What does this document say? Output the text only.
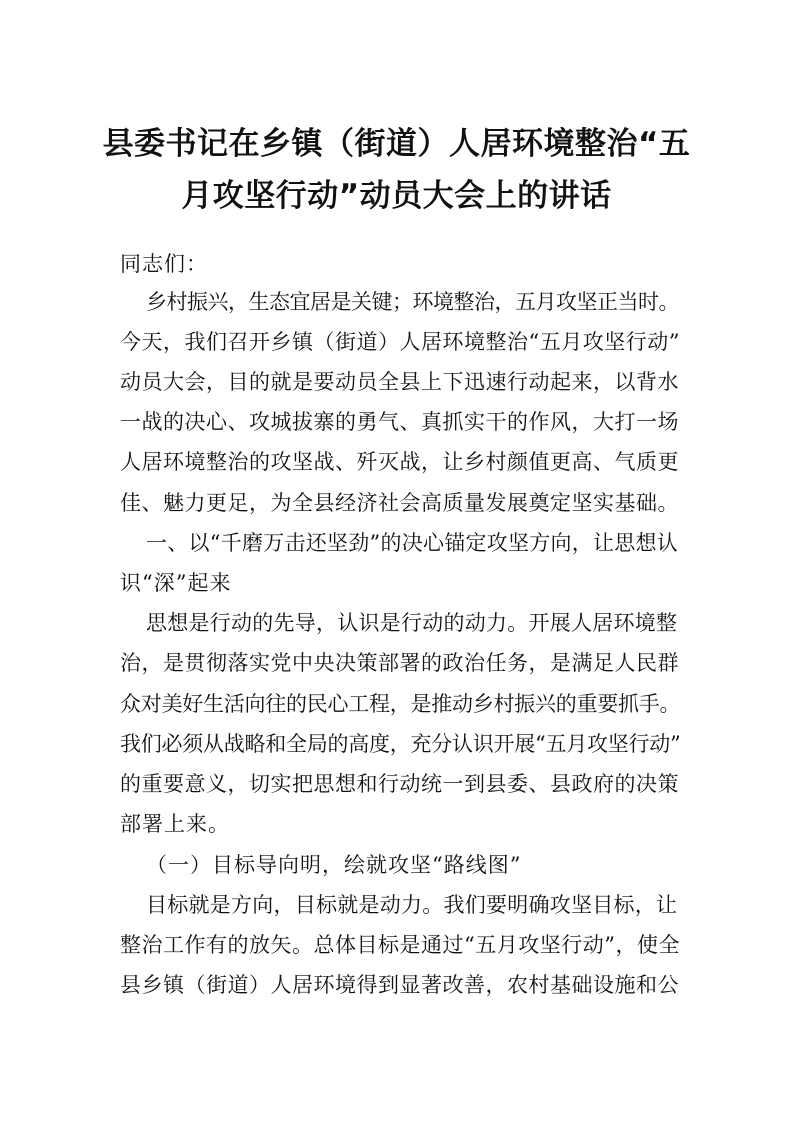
县委书记在乡镇（街道）人居环境整治“五
月攻坚行动”动员大会上的讲话
同志们：
乡村振兴，生态宜居是关键；环境整治，五月攻坚正当时。
今天，我们召开乡镇（街道）人居环境整治“五月攻坚行动”
动员大会，目的就是要动员全县上下迅速行动起来，以背水
一战的决心、攻城拔寨的勇气、真抓实干的作风，大打一场
人居环境整治的攻坚战、歼灭战，让乡村颜值更高、气质更
佳、魅力更足，为全县经济社会高质量发展奠定坚实基础。
一、以“千磨万击还坚劲”的决心锚定攻坚方向，让思想认
识“深”起来
思想是行动的先导，认识是行动的动力。开展人居环境整
治，是贯彻落实党中央决策部署的政治任务，是满足人民群
众对美好生活向往的民心工程，是推动乡村振兴的重要抓手。
我们必须从战略和全局的高度，充分认识开展“五月攻坚行动”
的重要意义，切实把思想和行动统一到县委、县政府的决策
部署上来。
（一）目标导向明，绘就攻坚“路线图”
目标就是方向，目标就是动力。我们要明确攻坚目标，让
整治工作有的放矢。总体目标是通过“五月攻坚行动”，使全
县乡镇（街道）人居环境得到显著改善，农村基础设施和公
